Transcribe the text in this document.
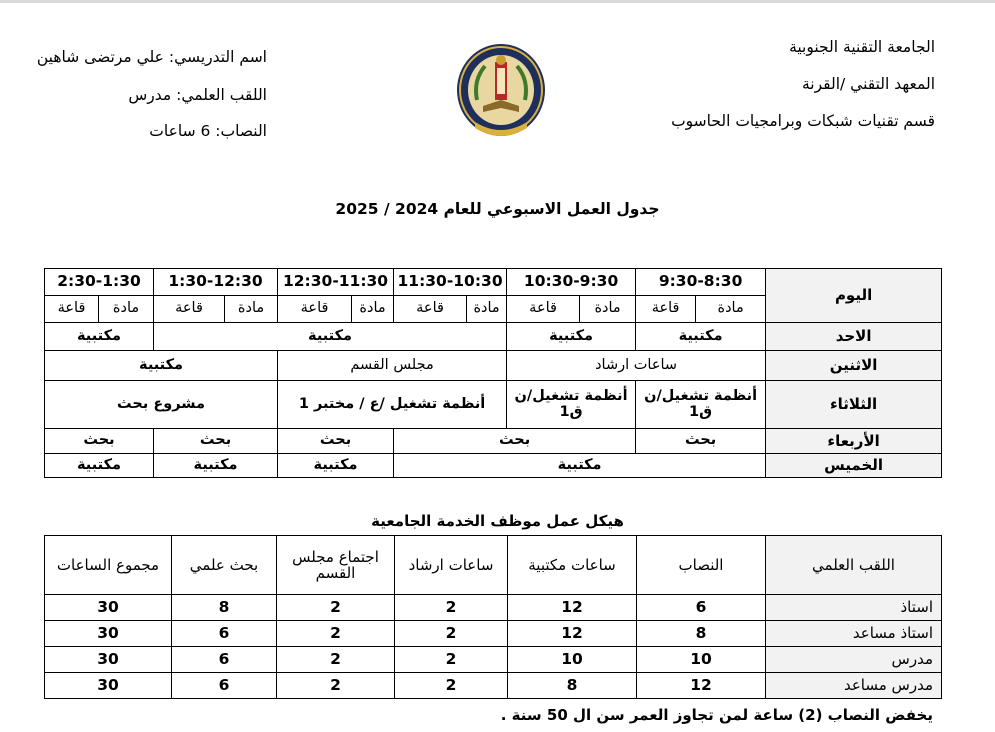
الجامعة التقنية الجنوبية
المعهد التقني /القرنة
قسم تقنيات شبكات وبرامجيات الحاسوب
اسم التدريسي: علي مرتضى شاهين
اللقب العلمي: مدرس
النصاب: 6 ساعات
جدول العمل الاسبوعي للعام 2024 / 2025
اليوم	9:30-8:30		10:30-9:30		11:30-10:30		12:30-11:30		1:30-12:30		2:30-1:30	
	مادة	قاعة	مادة	قاعة	مادة	قاعة	مادة	قاعة	مادة	قاعة	مادة	قاعة
الاحد	مكتبية		مكتبية		مكتبية						مكتبية	
الاثنين	ساعات ارشاد				مجلس القسم				مكتبية			
الثلاثاء	أنظمة تشغيل/ن ق1		أنظمة تشغيل/ن ق1		أنظمة تشغيل /ع / مختبر 1				مشروع بحث			
الأربعاء	بحث		بحث				بحث		بحث		بحث	
الخميس	مكتبية						مكتبية		مكتبية		مكتبية	
هيكل عمل موظف الخدمة الجامعية
اللقب العلمي	النصاب	ساعات مكتبية	ساعات ارشاد	اجتماع مجلس القسم	بحث علمي	مجموع الساعات
استاذ	6	12	2	2	8	30
استاذ مساعد	8	12	2	2	6	30
مدرس	10	10	2	2	6	30
مدرس مساعد	12	8	2	2	6	30
يخفض النصاب (2) ساعة لمن تجاوز العمر سن ال 50 سنة .
